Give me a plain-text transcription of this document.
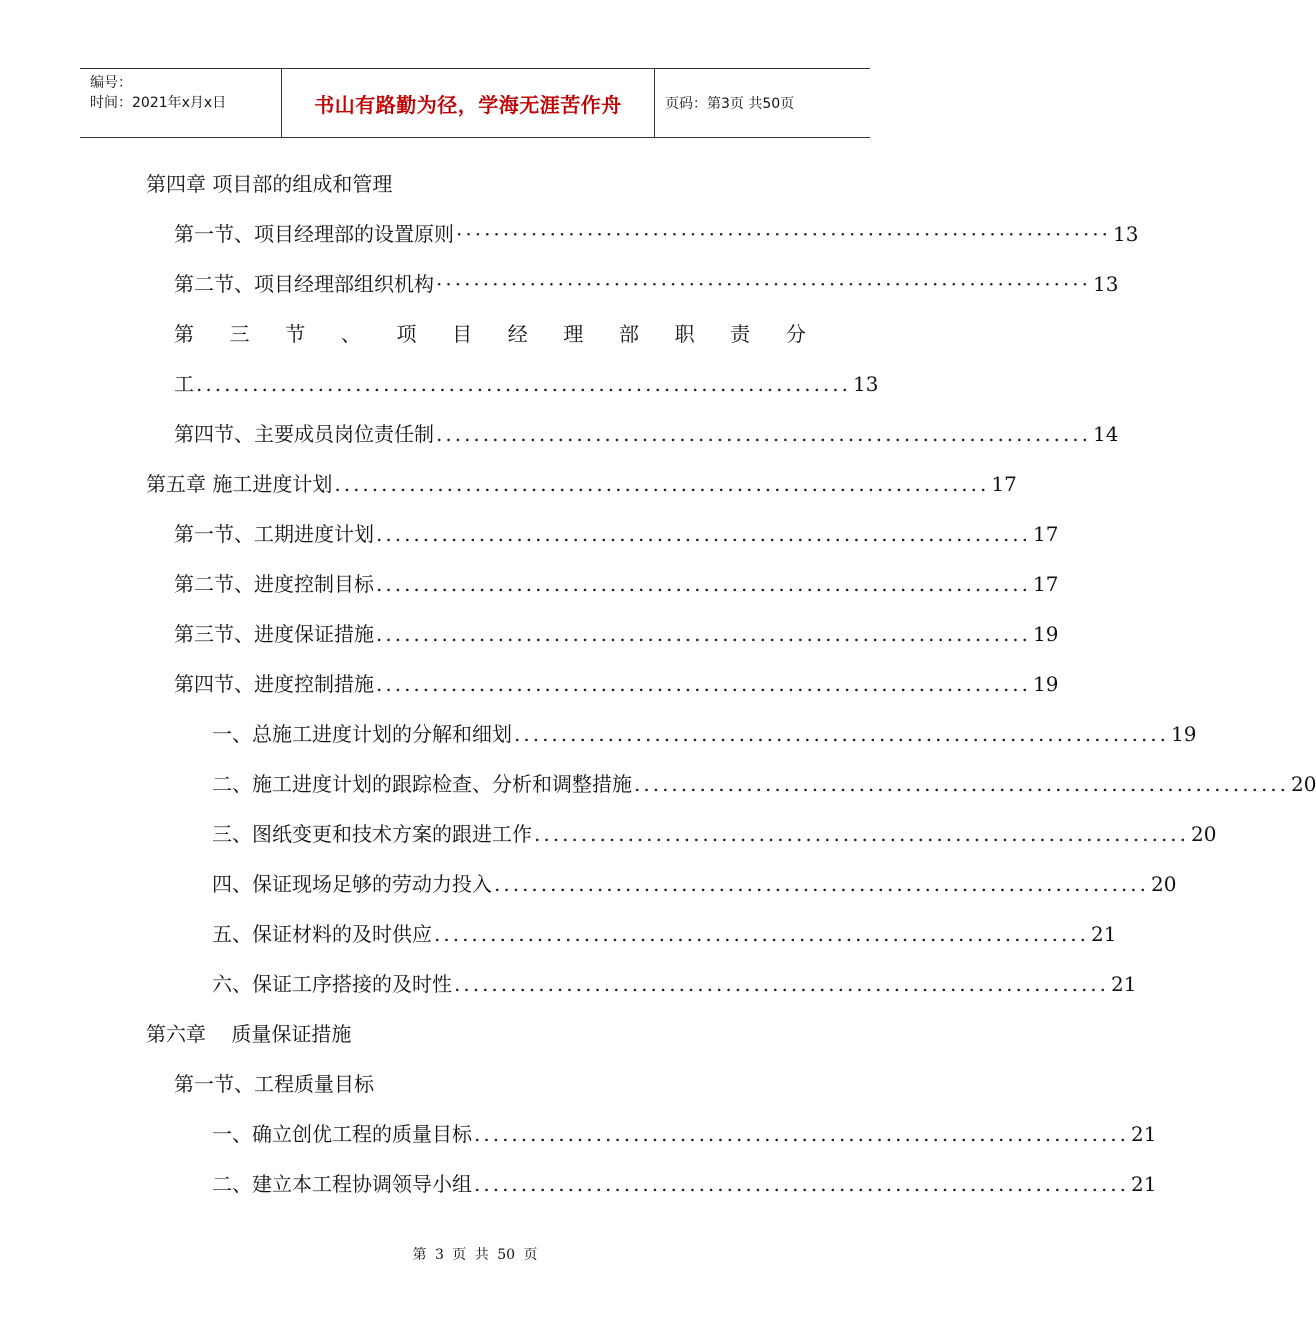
编号：
时间：2021年x月x日	书山有路勤为径，学海无涯苦作舟	页码：第3页 共50页
第四章 项目部的组成和管理
第一节、项目经理部的设置原则 ······································································ 13
第二节、项目经理部组织机构 ······································································ 13
第 三 节 、 项 目 经 理 部 职 责 分
工 ...................................................................... 13
第四节、主要成员岗位责任制 ...................................................................... 14
第五章 施工进度计划 ...................................................................... 17
第一节、工期进度计划 ...................................................................... 17
第二节、进度控制目标 ...................................................................... 17
第三节、进度保证措施 ...................................................................... 19
第四节、进度控制措施 ...................................................................... 19
一、总施工进度计划的分解和细划 ...................................................................... 19
二、施工进度计划的跟踪检查、分析和调整措施 ...................................................................... 20
三、图纸变更和技术方案的跟进工作 ...................................................................... 20
四、保证现场足够的劳动力投入 ...................................................................... 20
五、保证材料的及时供应 ...................................................................... 21
六、保证工序搭接的及时性 ...................................................................... 21
第六章    质量保证措施
第一节、工程质量目标
一、确立创优工程的质量目标 ...................................................................... 21
二、建立本工程协调领导小组 ...................................................................... 21
第 3 页 共 50 页
